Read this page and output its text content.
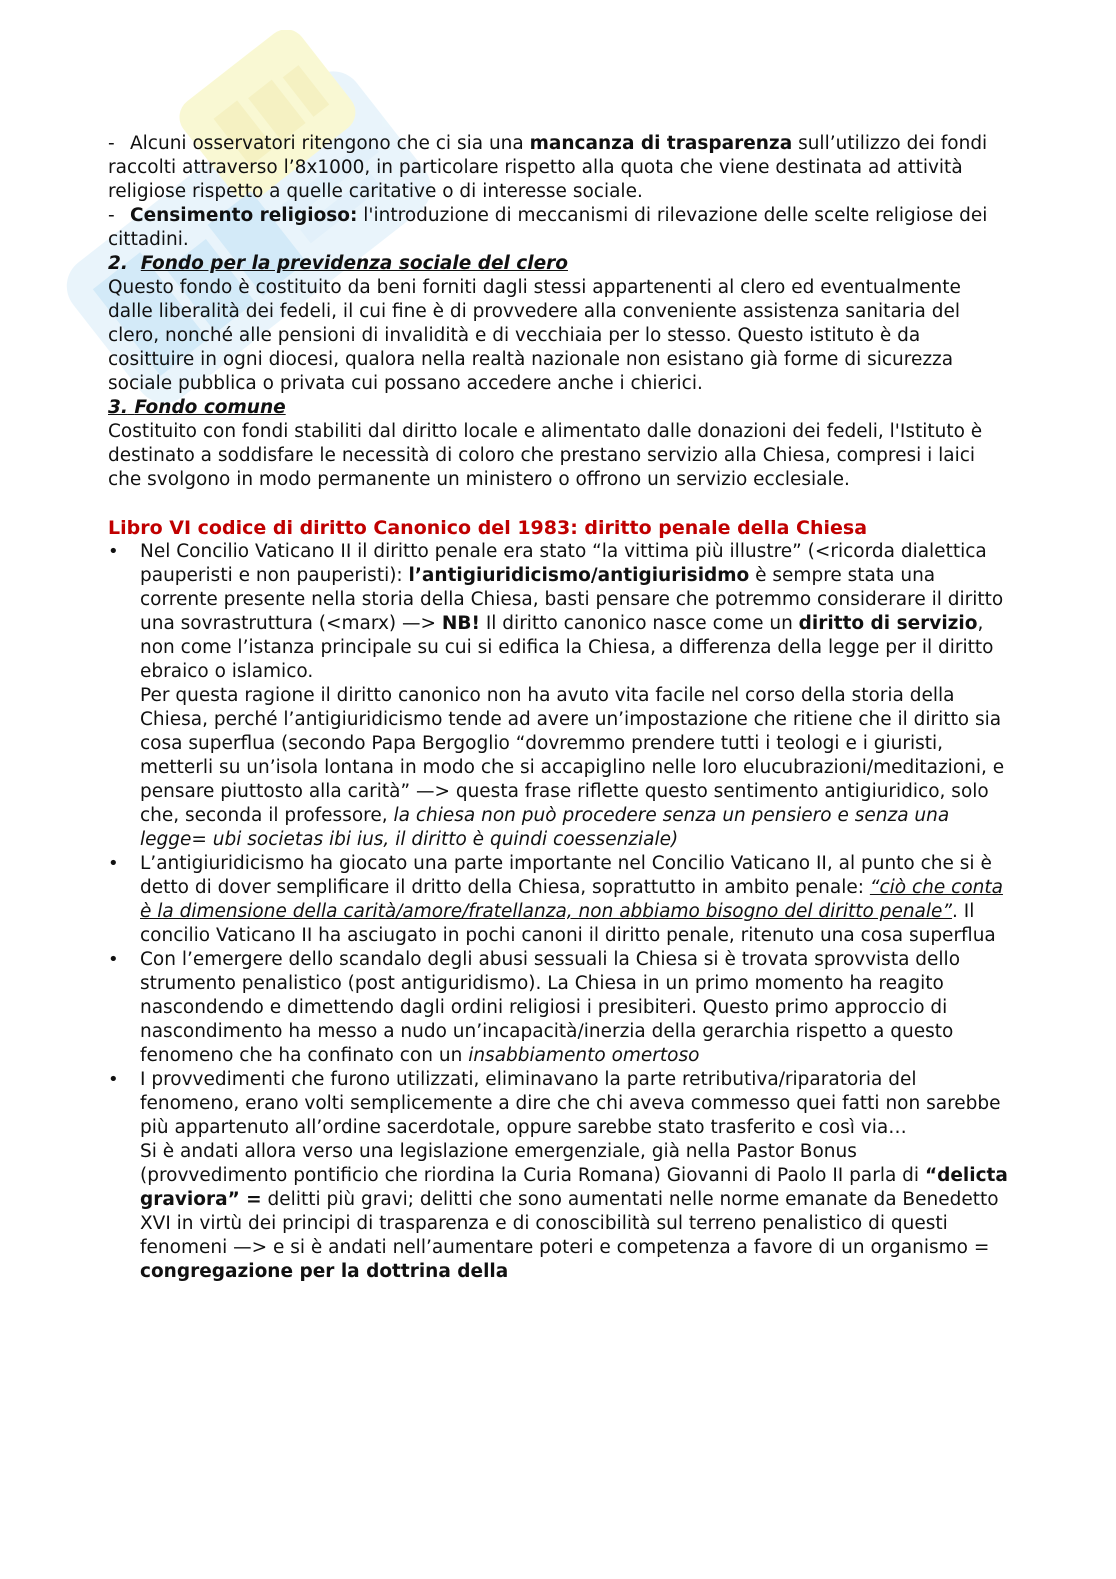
- Alcuni osservatori ritengono che ci sia una mancanza di trasparenza sull’utilizzo dei fondi raccolti attraverso l’8x1000, in particolare rispetto alla quota che viene destinata ad attività religiose rispetto a quelle caritative o di interesse sociale.

- Censimento religioso: l'introduzione di meccanismi di rilevazione delle scelte religiose dei cittadini.

2. Fondo per la previdenza sociale del clero

Questo fondo è costituito da beni forniti dagli stessi appartenenti al clero ed eventualmente dalle liberalità dei fedeli, il cui fine è di provvedere alla conveniente assistenza sanitaria del clero, nonché alle pensioni di invalidità e di vecchiaia per lo stesso. Questo istituto è da cosittuire in ogni diocesi, qualora nella realtà nazionale non esistano già forme di sicurezza sociale pubblica o privata cui possano accedere anche i chierici.

3. Fondo comune

Costituito con fondi stabiliti dal diritto locale e alimentato dalle donazioni dei fedeli, l'Istituto è destinato a soddisfare le necessità di coloro che prestano servizio alla Chiesa, compresi i laici che svolgono in modo permanente un ministero o offrono un servizio ecclesiale.

Libro VI codice di diritto Canonico del 1983: diritto penale della Chiesa

• Nel Concilio Vaticano II il diritto penale era stato “la vittima più illustre” (<ricorda dialettica pauperisti e non pauperisti): l’antigiuridicismo/antigiurisidmo è sempre stata una corrente presente nella storia della Chiesa, basti pensare che potremmo considerare il diritto una sovrastruttura (<marx) —> NB! Il diritto canonico nasce come un diritto di servizio, non come l’istanza principale su cui si edifica la Chiesa, a differenza della legge per il diritto ebraico o islamico.
Per questa ragione il diritto canonico non ha avuto vita facile nel corso della storia della Chiesa, perché l’antigiuridicismo tende ad avere un’impostazione che ritiene che il diritto sia cosa superflua (secondo Papa Bergoglio “dovremmo prendere tutti i teologi e i giuristi, metterli su un’isola lontana in modo che si accapiglino nelle loro elucubrazioni/meditazioni, e pensare piuttosto alla carità” —> questa frase riflette questo sentimento antigiuridico, solo che, seconda il professore, la chiesa non può procedere senza un pensiero e senza una legge= ubi societas ibi ius, il diritto è quindi coessenziale)
• L’antigiuridicismo ha giocato una parte importante nel Concilio Vaticano II, al punto che si è detto di dover semplificare il dritto della Chiesa, soprattutto in ambito penale: “ciò che conta è la dimensione della carità/amore/fratellanza, non abbiamo bisogno del diritto penale”. Il concilio Vaticano II ha asciugato in pochi canoni il diritto penale, ritenuto una cosa superflua
• Con l’emergere dello scandalo degli abusi sessuali la Chiesa si è trovata sprovvista dello strumento penalistico (post antiguridismo). La Chiesa in un primo momento ha reagito nascondendo e dimettendo dagli ordini religiosi i presibiteri. Questo primo approccio di nascondimento ha messo a nudo un’incapacità/inerzia della gerarchia rispetto a questo fenomeno che ha confinato con un insabbiamento omertoso
• I provvedimenti che furono utilizzati, eliminavano la parte retributiva/riparatoria del fenomeno, erano volti semplicemente a dire che chi aveva commesso quei fatti non sarebbe più appartenuto all’ordine sacerdotale, oppure sarebbe stato trasferito e così via…
Si è andati allora verso una legislazione emergenziale, già nella Pastor Bonus (provvedimento pontificio che riordina la Curia Romana) Giovanni di Paolo II parla di “delicta graviora” = delitti più gravi; delitti che sono aumentati nelle norme emanate da Benedetto XVI in virtù dei principi di trasparenza e di conoscibilità sul terreno penalistico di questi fenomeni —> e si è andati nell’aumentare poteri e competenza a favore di un organismo = congregazione per la dottrina della
